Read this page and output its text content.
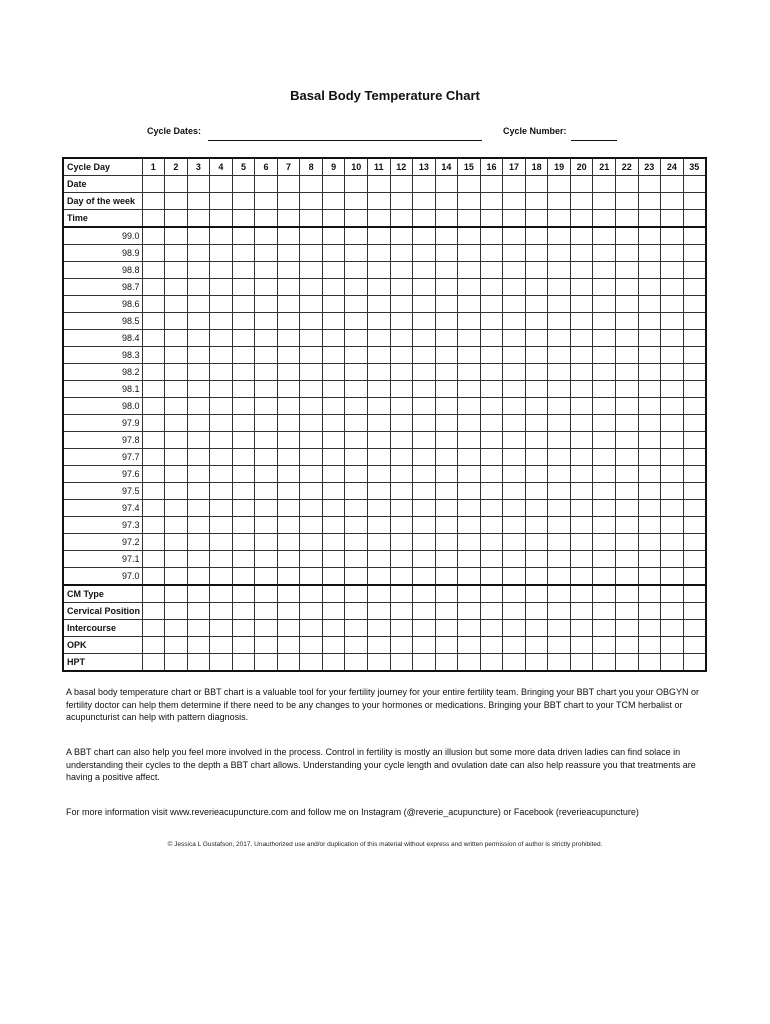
Basal Body Temperature Chart
Cycle Dates:	Cycle Number:
Cycle Day	1	2	3	4	5	6	7	8	9	10	11	12	13	14	15	16	17	18	19	20	21	22	23	24	35
Date																									
Day of the week																									
Time																									
99.0																									
98.9																									
98.8																									
98.7																									
98.6																									
98.5																									
98.4																									
98.3																									
98.2																									
98.1																									
98.0																									
97.9																									
97.8																									
97.7																									
97.6																									
97.5																									
97.4																									
97.3																									
97.2																									
97.1																									
97.0																									
CM Type																									
Cervical Position																									
Intercourse																									
OPK																									
HPT																									
A basal body temperature chart or BBT chart is a valuable tool for your fertility journey for your entire fertility team. Bringing your BBT chart you your OBGYN or fertility doctor can help them determine if there need to be any changes to your hormones or medications. Bringing your BBT chart to your TCM herbalist or acupuncturist can help with pattern diagnosis.
A BBT chart can also help you feel more involved in the process. Control in fertility is mostly an illusion but some more data driven ladies can find solace in understanding their cycles to the depth a BBT chart allows. Understanding your cycle length and ovulation date can also help reassure you that treatments are having a positive affect.
For more information visit www.reverieacupuncture.com and follow me on Instagram (@reverie_acupuncture) or Facebook (reverieacupuncture)
© Jessica L Gustafson, 2017. Unauthorized use and/or duplication of this material without express and written permission of author is strictly prohibited.
